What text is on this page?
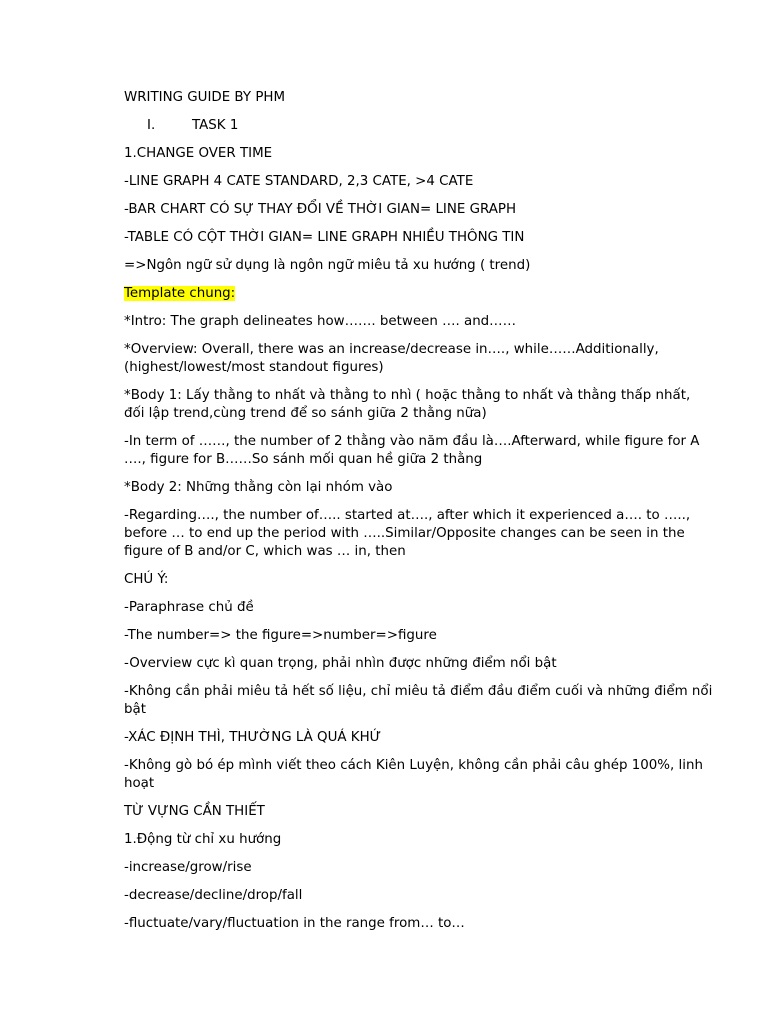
WRITING GUIDE BY PHM
I.	TASK 1
1.CHANGE OVER TIME
-LINE GRAPH 4 CATE STANDARD, 2,3 CATE, >4 CATE
-BAR CHART CÓ SỰ THAY ĐỔI VỀ THỜI GIAN= LINE GRAPH
-TABLE CÓ CỘT THỜI GIAN= LINE GRAPH NHIỀU THÔNG TIN
=>Ngôn ngữ sử dụng là ngôn ngữ miêu tả xu hướng ( trend)
Template chung:
*Intro: The graph delineates how……. between …. and……
*Overview: Overall, there was an increase/decrease in…., while……Additionally, (highest/lowest/most standout figures)
*Body 1: Lấy thằng to nhất và thằng to nhì ( hoặc thằng to nhất và thằng thấp nhất, đối lập trend,cùng trend để so sánh giữa 2 thằng nữa)
-In term of ……, the number of 2 thằng vào năm đầu là….Afterward, while figure for A …., figure for B……So sánh mối quan hề giữa 2 thằng
*Body 2: Những thằng còn lại nhóm vào
-Regarding…., the number of….. started at…., after which it experienced a…. to ….., before … to end up the period with …..Similar/Opposite changes can be seen in the figure of B and/or C, which was … in, then
CHÚ Ý:
-Paraphrase chủ đề
-The number=> the figure=>number=>figure
-Overview cực kì quan trọng, phải nhìn được những điểm nổi bật
-Không cần phải miêu tả hết số liệu, chỉ miêu tả điểm đầu điểm cuối và những điểm nổi bật
-XÁC ĐỊNH THÌ, THƯỜNG LÀ QUÁ KHỨ
-Không gò bó ép mình viết theo cách Kiên Luyện, không cần phải câu ghép 100%, linh hoạt
TỪ VỰNG CẦN THIẾT
1.Động từ chỉ xu hướng
-increase/grow/rise
-decrease/decline/drop/fall
-fluctuate/vary/fluctuation in the range from… to…
